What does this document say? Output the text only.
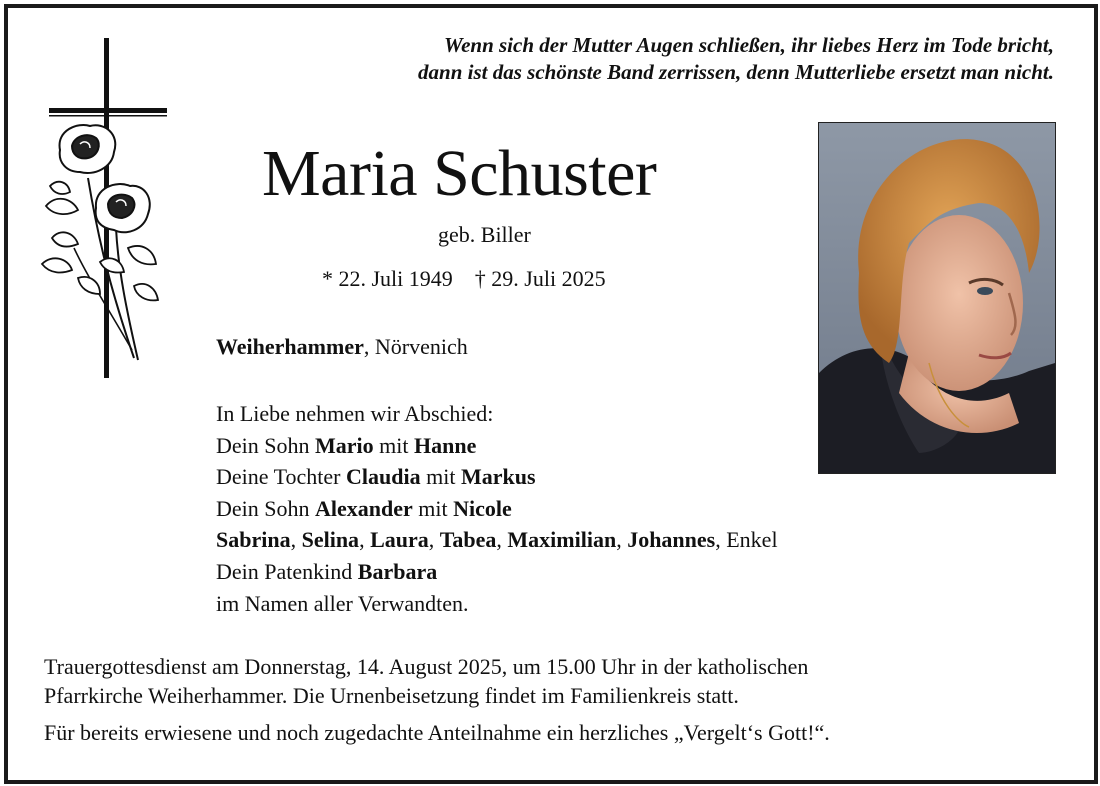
Wenn sich der Mutter Augen schließen, ihr liebes Herz im Tode bricht,
dann ist das schönste Band zerrissen, denn Mutterliebe ersetzt man nicht.
Maria Schuster
geb. Biller
* 22. Juli 1949 † 29. Juli 2025
Weiherhammer, Nörvenich
In Liebe nehmen wir Abschied:
Dein Sohn Mario mit Hanne
Deine Tochter Claudia mit Markus
Dein Sohn Alexander mit Nicole
Sabrina, Selina, Laura, Tabea, Maximilian, Johannes, Enkel
Dein Patenkind Barbara
im Namen aller Verwandten.
Trauergottesdienst am Donnerstag, 14. August 2025, um 15.00 Uhr in der katholischen
Pfarrkirche Weiherhammer. Die Urnenbeisetzung findet im Familienkreis statt.
Für bereits erwiesene und noch zugedachte Anteilnahme ein herzliches „Vergelt‘s Gott!“.
